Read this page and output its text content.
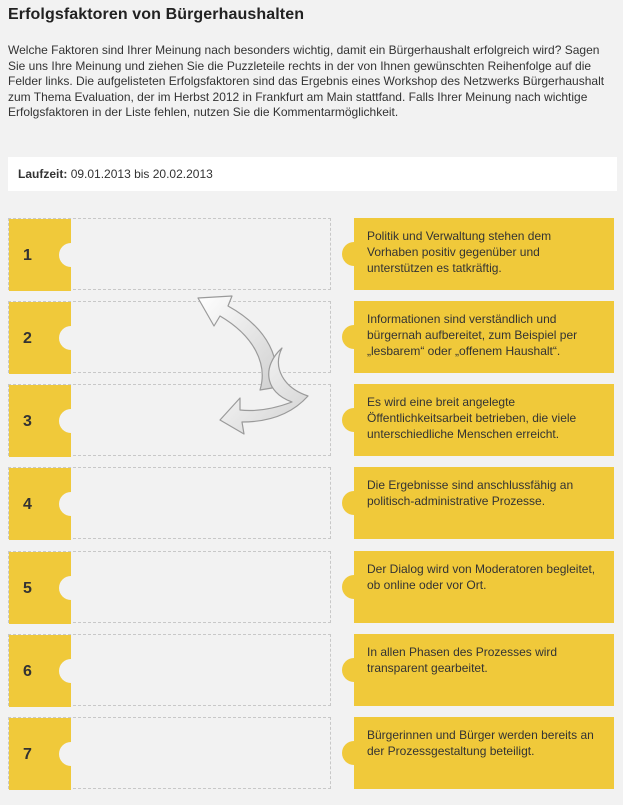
Erfolgsfaktoren von Bürgerhaushalten
Welche Faktoren sind Ihrer Meinung nach besonders wichtig, damit ein Bürgerhaushalt erfolgreich wird? Sagen Sie uns Ihre Meinung und ziehen Sie die Puzzleteile rechts in der von Ihnen gewünschten Reihenfolge auf die Felder links. Die aufgelisteten Erfolgsfaktoren sind das Ergebnis eines Workshop des Netzwerks Bürgerhaushalt zum Thema Evaluation, der im Herbst 2012 in Frankfurt am Main stattfand. Falls Ihrer Meinung nach wichtige Erfolgsfaktoren in der Liste fehlen, nutzen Sie die Kommentarmöglichkeit.
Laufzeit: 09.01.2013 bis 20.02.2013
1
2
3
4
5
6
7
Politik und Verwaltung stehen dem Vorhaben positiv gegenüber und unterstützen es tatkräftig.
Informationen sind verständlich und bürgernah aufbereitet, zum Beispiel per „lesbarem“ oder „offenem Haushalt“.
Es wird eine breit angelegte Öffentlichkeitsarbeit betrieben, die viele unterschiedliche Menschen erreicht.
Die Ergebnisse sind anschlussfähig an politisch-administrative Prozesse.
Der Dialog wird von Moderatoren begleitet, ob online oder vor Ort.
In allen Phasen des Prozesses wird transparent gearbeitet.
Bürgerinnen und Bürger werden bereits an der Prozessgestaltung beteiligt.
